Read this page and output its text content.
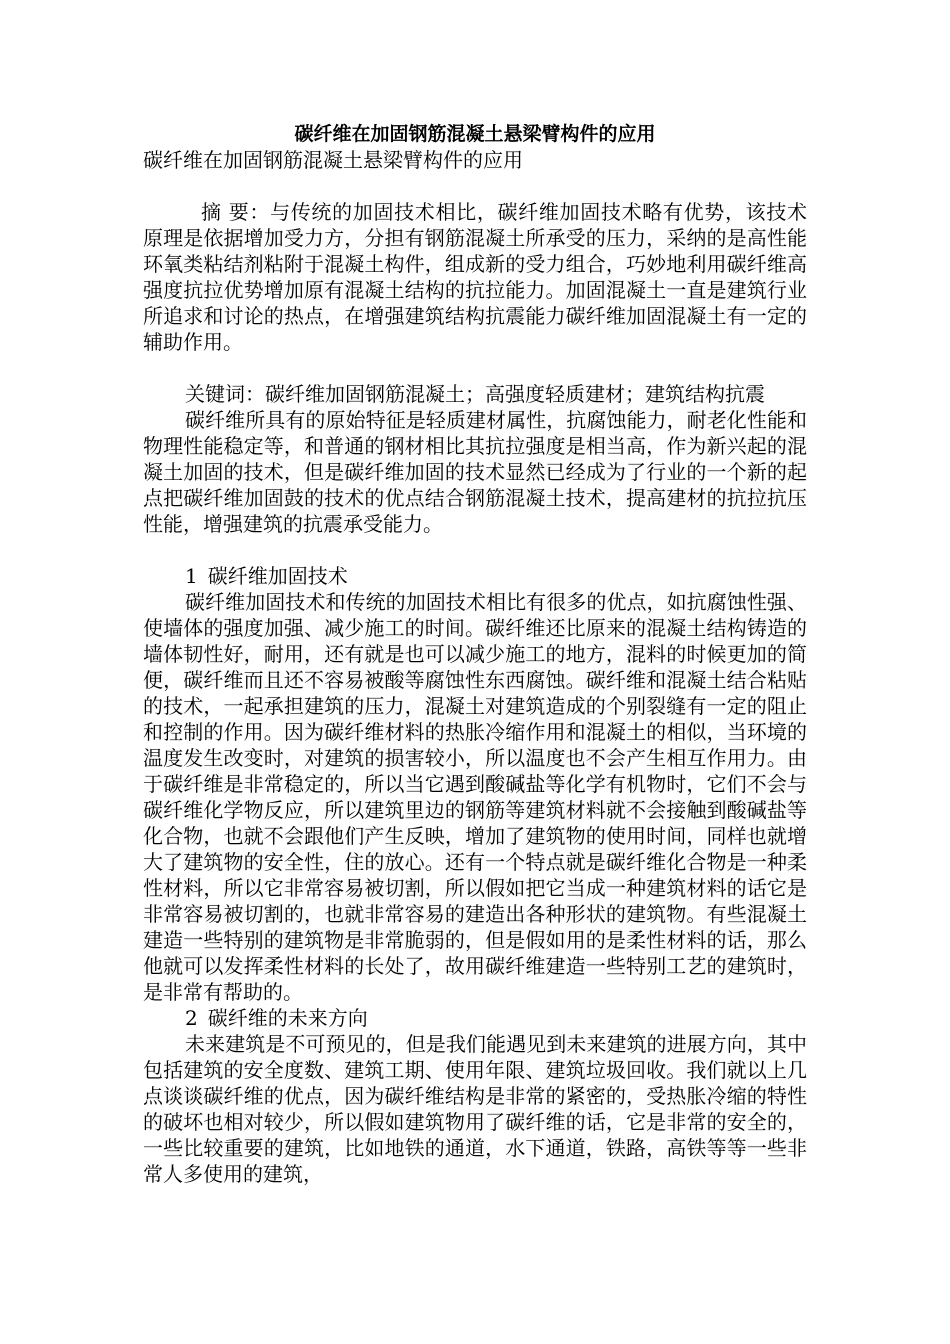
碳纤维在加固钢筋混凝土悬梁臂构件的应用

碳纤维在加固钢筋混凝土悬梁臂构件的应用

摘 要：与传统的加固技术相比，碳纤维加固技术略有优势，该技术原理是依据增加受力方，分担有钢筋混凝土所承受的压力，采纳的是高性能环氧类粘结剂粘附于混凝土构件，组成新的受力组合，巧妙地利用碳纤维高强度抗拉优势增加原有混凝土结构的抗拉能力。加固混凝土一直是建筑行业所追求和讨论的热点，在增强建筑结构抗震能力碳纤维加固混凝土有一定的辅助作用。

关键词：碳纤维加固钢筋混凝土；高强度轻质建材；建筑结构抗震

碳纤维所具有的原始特征是轻质建材属性，抗腐蚀能力，耐老化性能和物理性能稳定等，和普通的钢材相比其抗拉强度是相当高，作为新兴起的混凝土加固的技术，但是碳纤维加固的技术显然已经成为了行业的一个新的起点把碳纤维加固鼓的技术的优点结合钢筋混凝土技术，提高建材的抗拉抗压性能，增强建筑的抗震承受能力。

1 碳纤维加固技术

碳纤维加固技术和传统的加固技术相比有很多的优点，如抗腐蚀性强、使墙体的强度加强、减少施工的时间。碳纤维还比原来的混凝土结构铸造的墙体韧性好，耐用，还有就是也可以减少施工的地方，混料的时候更加的简便，碳纤维而且还不容易被酸等腐蚀性东西腐蚀。碳纤维和混凝土结合粘贴的技术，一起承担建筑的压力，混凝土对建筑造成的个别裂缝有一定的阻止和控制的作用。因为碳纤维材料的热胀冷缩作用和混凝土的相似，当环境的温度发生改变时，对建筑的损害较小，所以温度也不会产生相互作用力。由于碳纤维是非常稳定的，所以当它遇到酸碱盐等化学有机物时，它们不会与碳纤维化学物反应，所以建筑里边的钢筋等建筑材料就不会接触到酸碱盐等化合物，也就不会跟他们产生反映，增加了建筑物的使用时间，同样也就增大了建筑物的安全性，住的放心。还有一个特点就是碳纤维化合物是一种柔性材料，所以它非常容易被切割，所以假如把它当成一种建筑材料的话它是非常容易被切割的，也就非常容易的建造出各种形状的建筑物。有些混凝土建造一些特别的建筑物是非常脆弱的，但是假如用的是柔性材料的话，那么他就可以发挥柔性材料的长处了，故用碳纤维建造一些特别工艺的建筑时，是非常有帮助的。

2 碳纤维的未来方向

未来建筑是不可预见的，但是我们能遇见到未来建筑的进展方向，其中包括建筑的安全度数、建筑工期、使用年限、建筑垃圾回收。我们就以上几点谈谈碳纤维的优点，因为碳纤维结构是非常的紧密的，受热胀冷缩的特性的破坏也相对较少，所以假如建筑物用了碳纤维的话，它是非常的安全的，一些比较重要的建筑，比如地铁的通道，水下通道，铁路，高铁等等一些非常人多使用的建筑，
